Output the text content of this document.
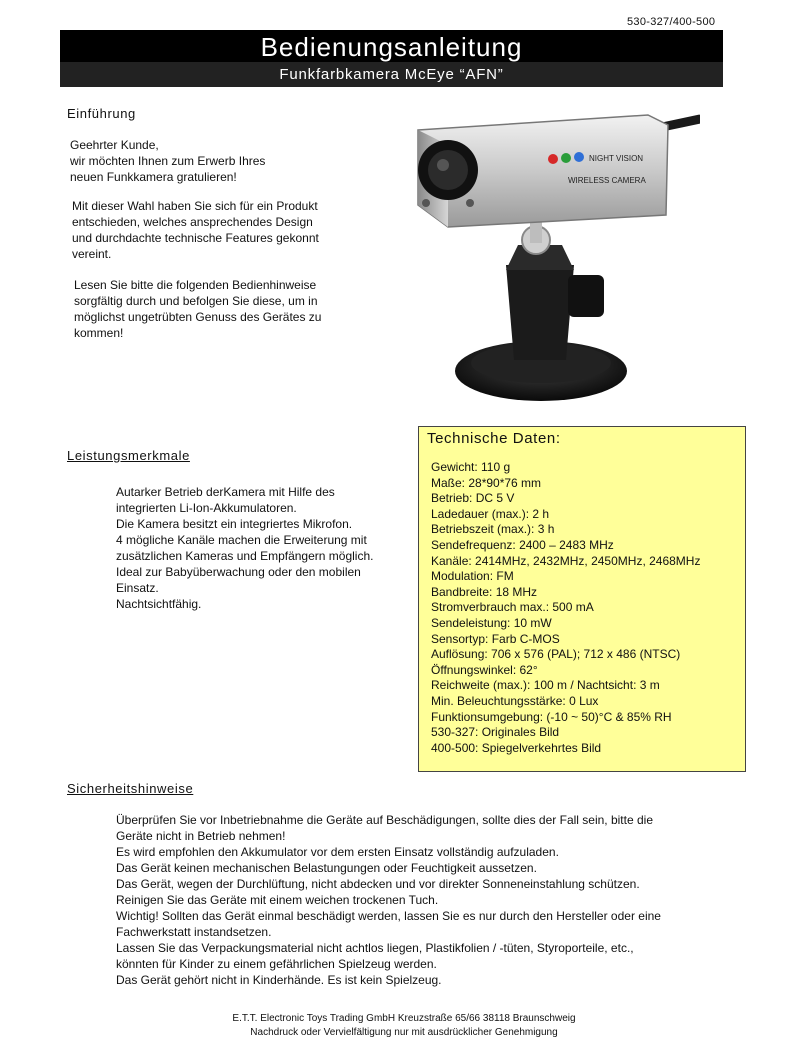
530-327/400-500
Bedienungsanleitung
Funkfarbkamera McEye “AFN”
Einführung
Geehrter Kunde,
wir möchten Ihnen zum Erwerb Ihres
neuen Funkkamera gratulieren!
Mit dieser Wahl haben Sie sich für ein Produkt
entschieden, welches ansprechendes Design
und durchdachte technische Features gekonnt
vereint.
Lesen Sie bitte die folgenden Bedienhinweise
sorgfältig durch und befolgen Sie diese, um in
möglichst ungetrübten Genuss des Gerätes zu
kommen!
NIGHT VISION
WIRELESS CAMERA
Leistungsmerkmale
Autarker Betrieb derKamera mit Hilfe des
integrierten Li-Ion-Akkumulatoren.
Die Kamera besitzt ein integriertes Mikrofon.
4 mögliche Kanäle machen die Erweiterung mit
zusätzlichen Kameras und Empfängern möglich.
Ideal zur Babyüberwachung oder den mobilen
Einsatz.
Nachtsichtfähig.
Technische Daten:
Gewicht: 110 g
Maße: 28*90*76 mm
Betrieb: DC 5 V
Ladedauer (max.): 2 h
Betriebszeit (max.): 3 h
Sendefrequenz: 2400 – 2483 MHz
Kanäle: 2414MHz, 2432MHz, 2450MHz, 2468MHz
Modulation: FM
Bandbreite: 18 MHz
Stromverbrauch max.: 500 mA
Sendeleistung: 10 mW
Sensortyp: Farb C-MOS
Auflösung: 706 x 576 (PAL); 712 x 486 (NTSC)
Öffnungswinkel: 62°
Reichweite (max.): 100 m / Nachtsicht: 3 m
Min. Beleuchtungsstärke: 0 Lux
Funktionsumgebung: (-10 ~ 50)°C & 85% RH
530-327: Originales Bild
400-500: Spiegelverkehrtes Bild
Sicherheitshinweise
Überprüfen Sie vor Inbetriebnahme die Geräte auf Beschädigungen, sollte dies der Fall sein, bitte die
Geräte nicht in Betrieb nehmen!
Es wird empfohlen den Akkumulator vor dem ersten Einsatz vollständig aufzuladen.
Das Gerät keinen mechanischen Belastungungen oder Feuchtigkeit aussetzen.
Das Gerät, wegen der Durchlüftung, nicht abdecken und vor direkter Sonneneinstahlung schützen.
Reinigen Sie das Geräte mit einem weichen trockenen Tuch.
Wichtig! Sollten das Gerät einmal beschädigt werden, lassen Sie es nur durch den Hersteller oder eine
Fachwerkstatt instandsetzen.
Lassen Sie das Verpackungsmaterial nicht achtlos liegen, Plastikfolien / -tüten, Styroporteile, etc.,
könnten für Kinder zu einem gefährlichen Spielzeug werden.
Das Gerät gehört nicht in Kinderhände. Es ist kein Spielzeug.
E.T.T. Electronic Toys Trading GmbH Kreuzstraße 65/66 38118 Braunschweig
Nachdruck oder Vervielfältigung nur mit ausdrücklicher Genehmigung
